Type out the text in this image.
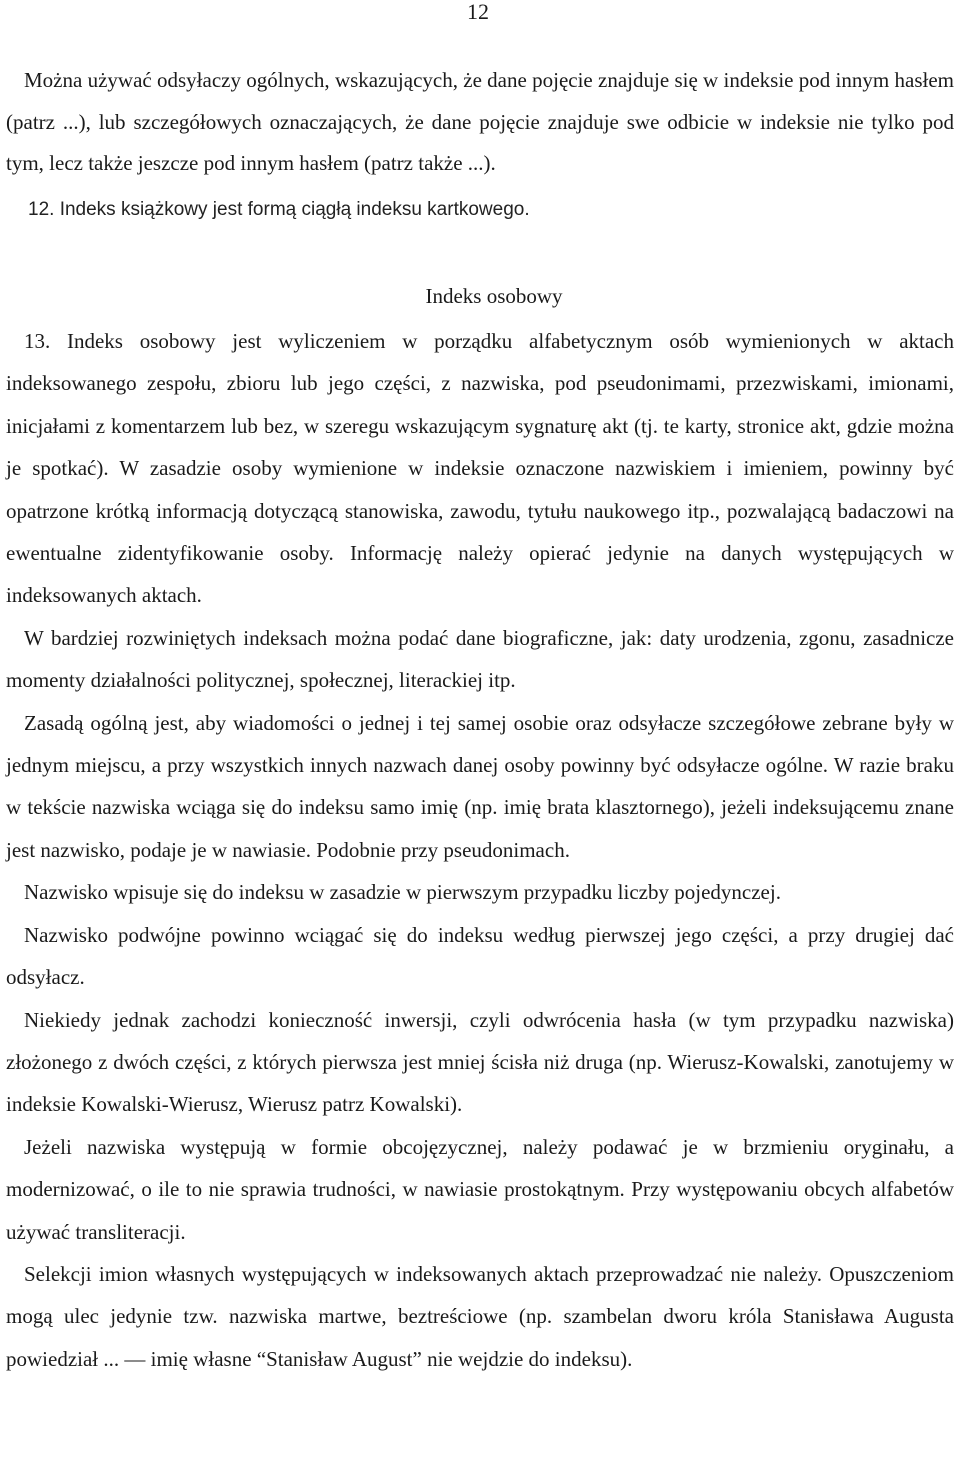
12

Można używać odsyłaczy ogólnych, wskazujących, że dane pojęcie znajduje się w indeksie pod innym hasłem (patrz ...), lub szczegółowych oznaczających, że dane pojęcie znajduje swe odbicie w indeksie nie tylko pod tym, lecz także jeszcze pod innym hasłem (patrz także ...).

12. Indeks książkowy jest formą ciągłą indeksu kartkowego.
Indeks osobowy

13. Indeks osobowy jest wyliczeniem w porządku alfabetycznym osób wymienionych w aktach indeksowanego zespołu, zbioru lub jego części, z nazwiska, pod pseudonimami, przezwiskami, imionami, inicjałami z komentarzem lub bez, w szeregu wskazującym sygnaturę akt (tj. te karty, stronice akt, gdzie można je spotkać). W zasadzie osoby wymienione w indeksie oznaczone nazwiskiem i imieniem, powinny być opatrzone krótką informacją dotyczącą stanowiska, zawodu, tytułu naukowego itp., pozwalającą badaczowi na ewentualne zidentyfikowanie osoby. Informację należy opierać jedynie na danych występujących w indeksowanych aktach.

W bardziej rozwiniętych indeksach można podać dane biograficzne, jak: daty urodzenia, zgonu, zasadnicze momenty działalności politycznej, społecznej, literackiej itp.

Zasadą ogólną jest, aby wiadomości o jednej i tej samej osobie oraz odsyłacze szczegółowe zebrane były w jednym miejscu, a przy wszystkich innych nazwach danej osoby powinny być odsyłacze ogólne. W razie braku w tekście nazwiska wciąga się do indeksu samo imię (np. imię brata klasztornego), jeżeli indeksującemu znane jest nazwisko, podaje je w nawiasie. Podobnie przy pseudonimach.

Nazwisko wpisuje się do indeksu w zasadzie w pierwszym przypadku liczby pojedynczej.

Nazwisko podwójne powinno wciągać się do indeksu według pierwszej jego części, a przy drugiej dać odsyłacz.

Niekiedy jednak zachodzi konieczność inwersji, czyli odwrócenia hasła (w tym przypadku nazwiska) złożonego z dwóch części, z których pierwsza jest mniej ścisła niż druga (np. Wierusz-Kowalski, zanotujemy w indeksie Kowalski-Wierusz, Wierusz patrz Kowalski).

Jeżeli nazwiska występują w formie obcojęzycznej, należy podawać je w brzmieniu oryginału, a modernizować, o ile to nie sprawia trudności, w nawiasie prostokątnym. Przy występowaniu obcych alfabetów używać transliteracji.

Selekcji imion własnych występujących w indeksowanych aktach przeprowadzać nie należy. Opuszczeniom mogą ulec jedynie tzw. nazwiska martwe, beztreściowe (np. szambelan dworu króla Stanisława Augusta powiedział ... — imię własne “Stanisław August” nie wejdzie do indeksu).
